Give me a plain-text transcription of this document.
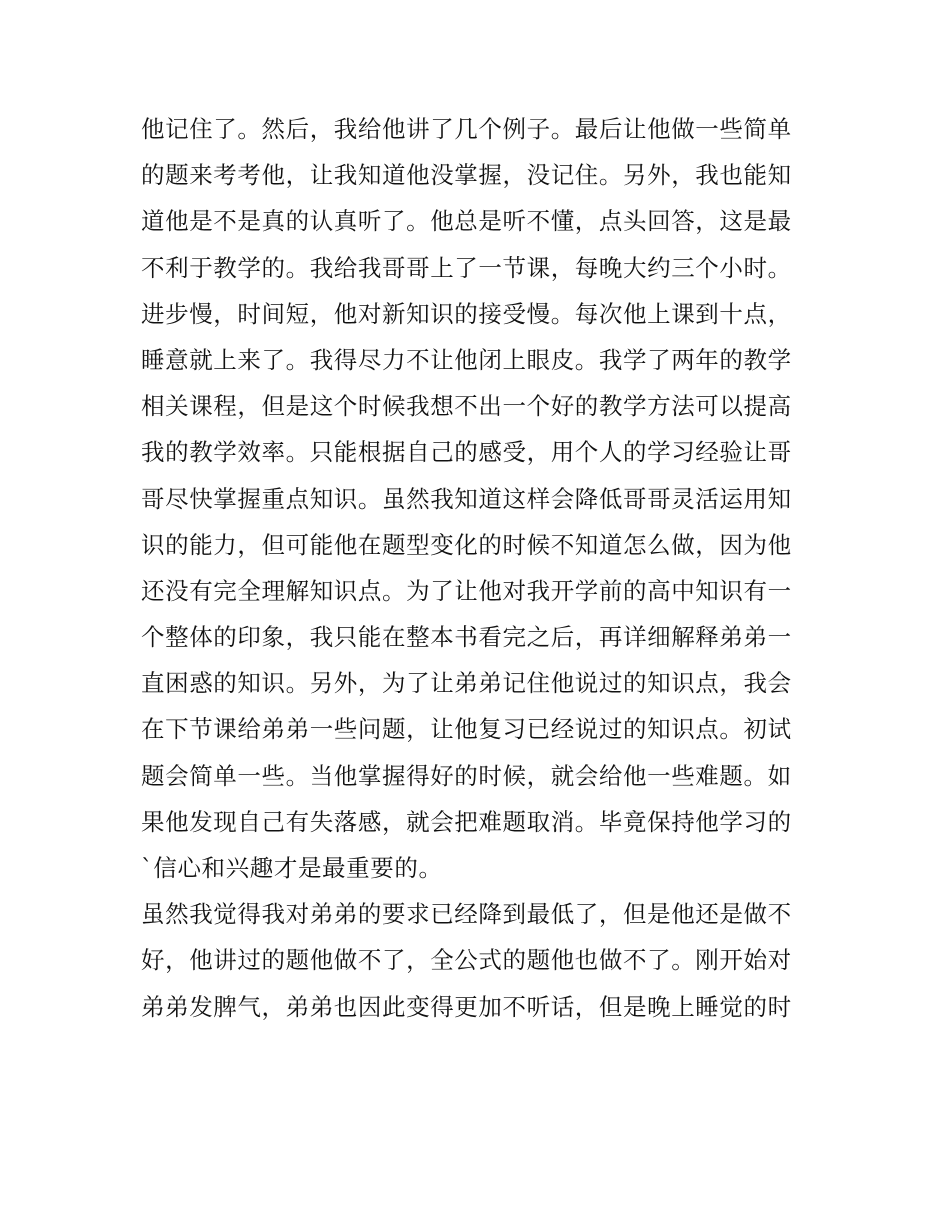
他记住了。然后，我给他讲了几个例子。最后让他做一些简单
的题来考考他，让我知道他没掌握，没记住。另外，我也能知
道他是不是真的认真听了。他总是听不懂，点头回答，这是最
不利于教学的。我给我哥哥上了一节课，每晚大约三个小时。
进步慢，时间短，他对新知识的接受慢。每次他上课到十点，
睡意就上来了。我得尽力不让他闭上眼皮。我学了两年的教学
相关课程，但是这个时候我想不出一个好的教学方法可以提高
我的教学效率。只能根据自己的感受，用个人的学习经验让哥
哥尽快掌握重点知识。虽然我知道这样会降低哥哥灵活运用知
识的能力，但可能他在题型变化的时候不知道怎么做，因为他
还没有完全理解知识点。为了让他对我开学前的高中知识有一
个整体的印象，我只能在整本书看完之后，再详细解释弟弟一
直困惑的知识。另外，为了让弟弟记住他说过的知识点，我会
在下节课给弟弟一些问题，让他复习已经说过的知识点。初试
题会简单一些。当他掌握得好的时候，就会给他一些难题。如
果他发现自己有失落感，就会把难题取消。毕竟保持他学习的
`信心和兴趣才是最重要的。
虽然我觉得我对弟弟的要求已经降到最低了，但是他还是做不
好，他讲过的题他做不了，全公式的题他也做不了。刚开始对
弟弟发脾气，弟弟也因此变得更加不听话，但是晚上睡觉的时
